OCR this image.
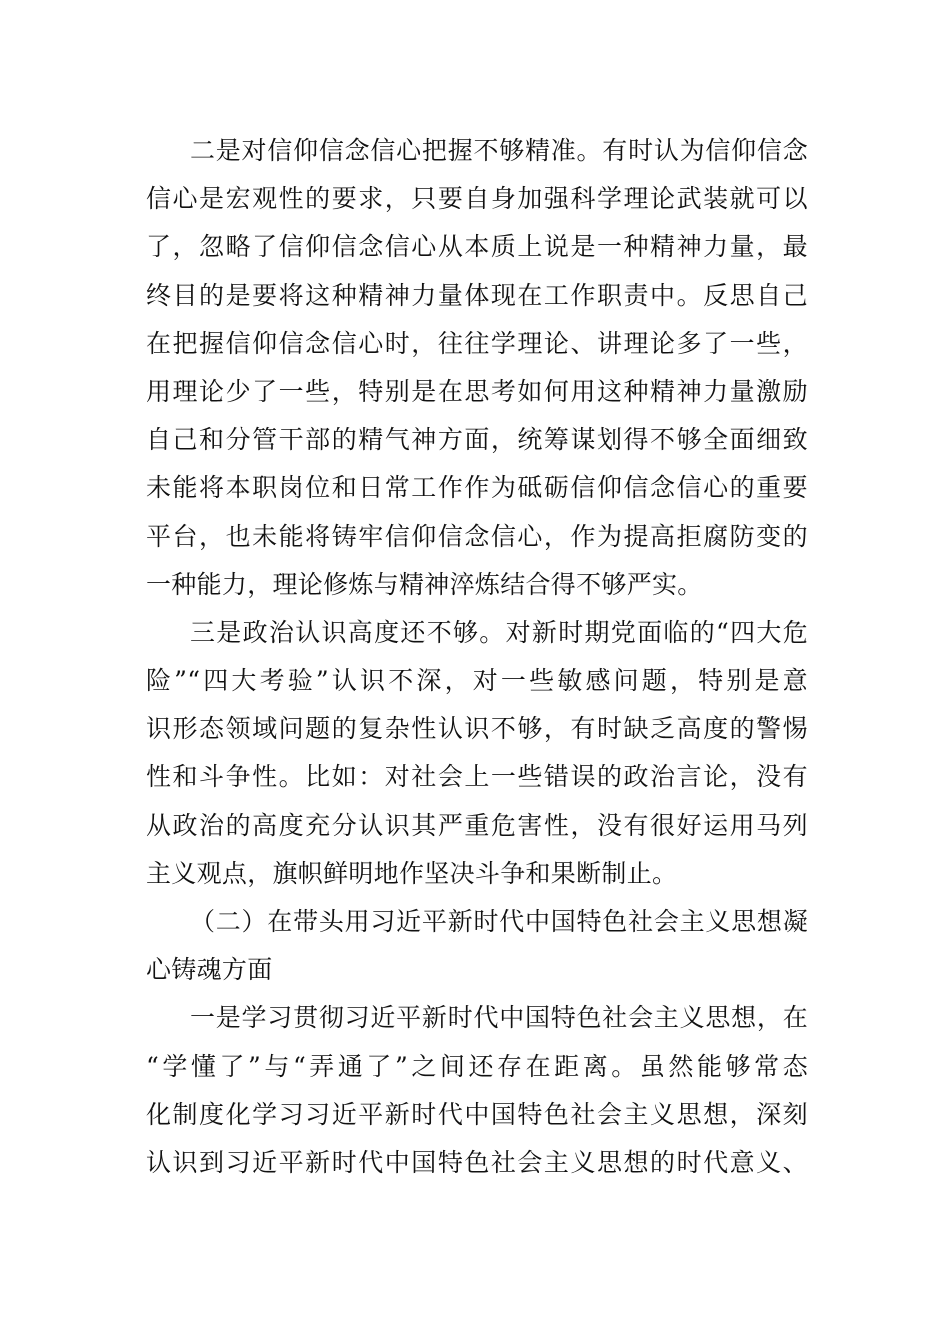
二是对信仰信念信心把握不够精准。有时认为信仰信念
信心是宏观性的要求，只要自身加强科学理论武装就可以
了，忽略了信仰信念信心从本质上说是一种精神力量，最
终目的是要将这种精神力量体现在工作职责中。反思自己
在把握信仰信念信心时，往往学理论、讲理论多了一些，
用理论少了一些，特别是在思考如何用这种精神力量激励
自己和分管干部的精气神方面，统筹谋划得不够全面细致
未能将本职岗位和日常工作作为砥砺信仰信念信心的重要
平台，也未能将铸牢信仰信念信心，作为提高拒腐防变的
一种能力，理论修炼与精神淬炼结合得不够严实。
三是政治认识高度还不够。对新时期党面临的“四大危
险”“四大考验”认识不深，对一些敏感问题，特别是意
识形态领域问题的复杂性认识不够，有时缺乏高度的警惕
性和斗争性。比如：对社会上一些错误的政治言论，没有
从政治的高度充分认识其严重危害性，没有很好运用马列
主义观点，旗帜鲜明地作坚决斗争和果断制止。
（二）在带头用习近平新时代中国特色社会主义思想凝
心铸魂方面
一是学习贯彻习近平新时代中国特色社会主义思想，在
“学懂了”与“弄通了”之间还存在距离。虽然能够常态
化制度化学习习近平新时代中国特色社会主义思想，深刻
认识到习近平新时代中国特色社会主义思想的时代意义、
